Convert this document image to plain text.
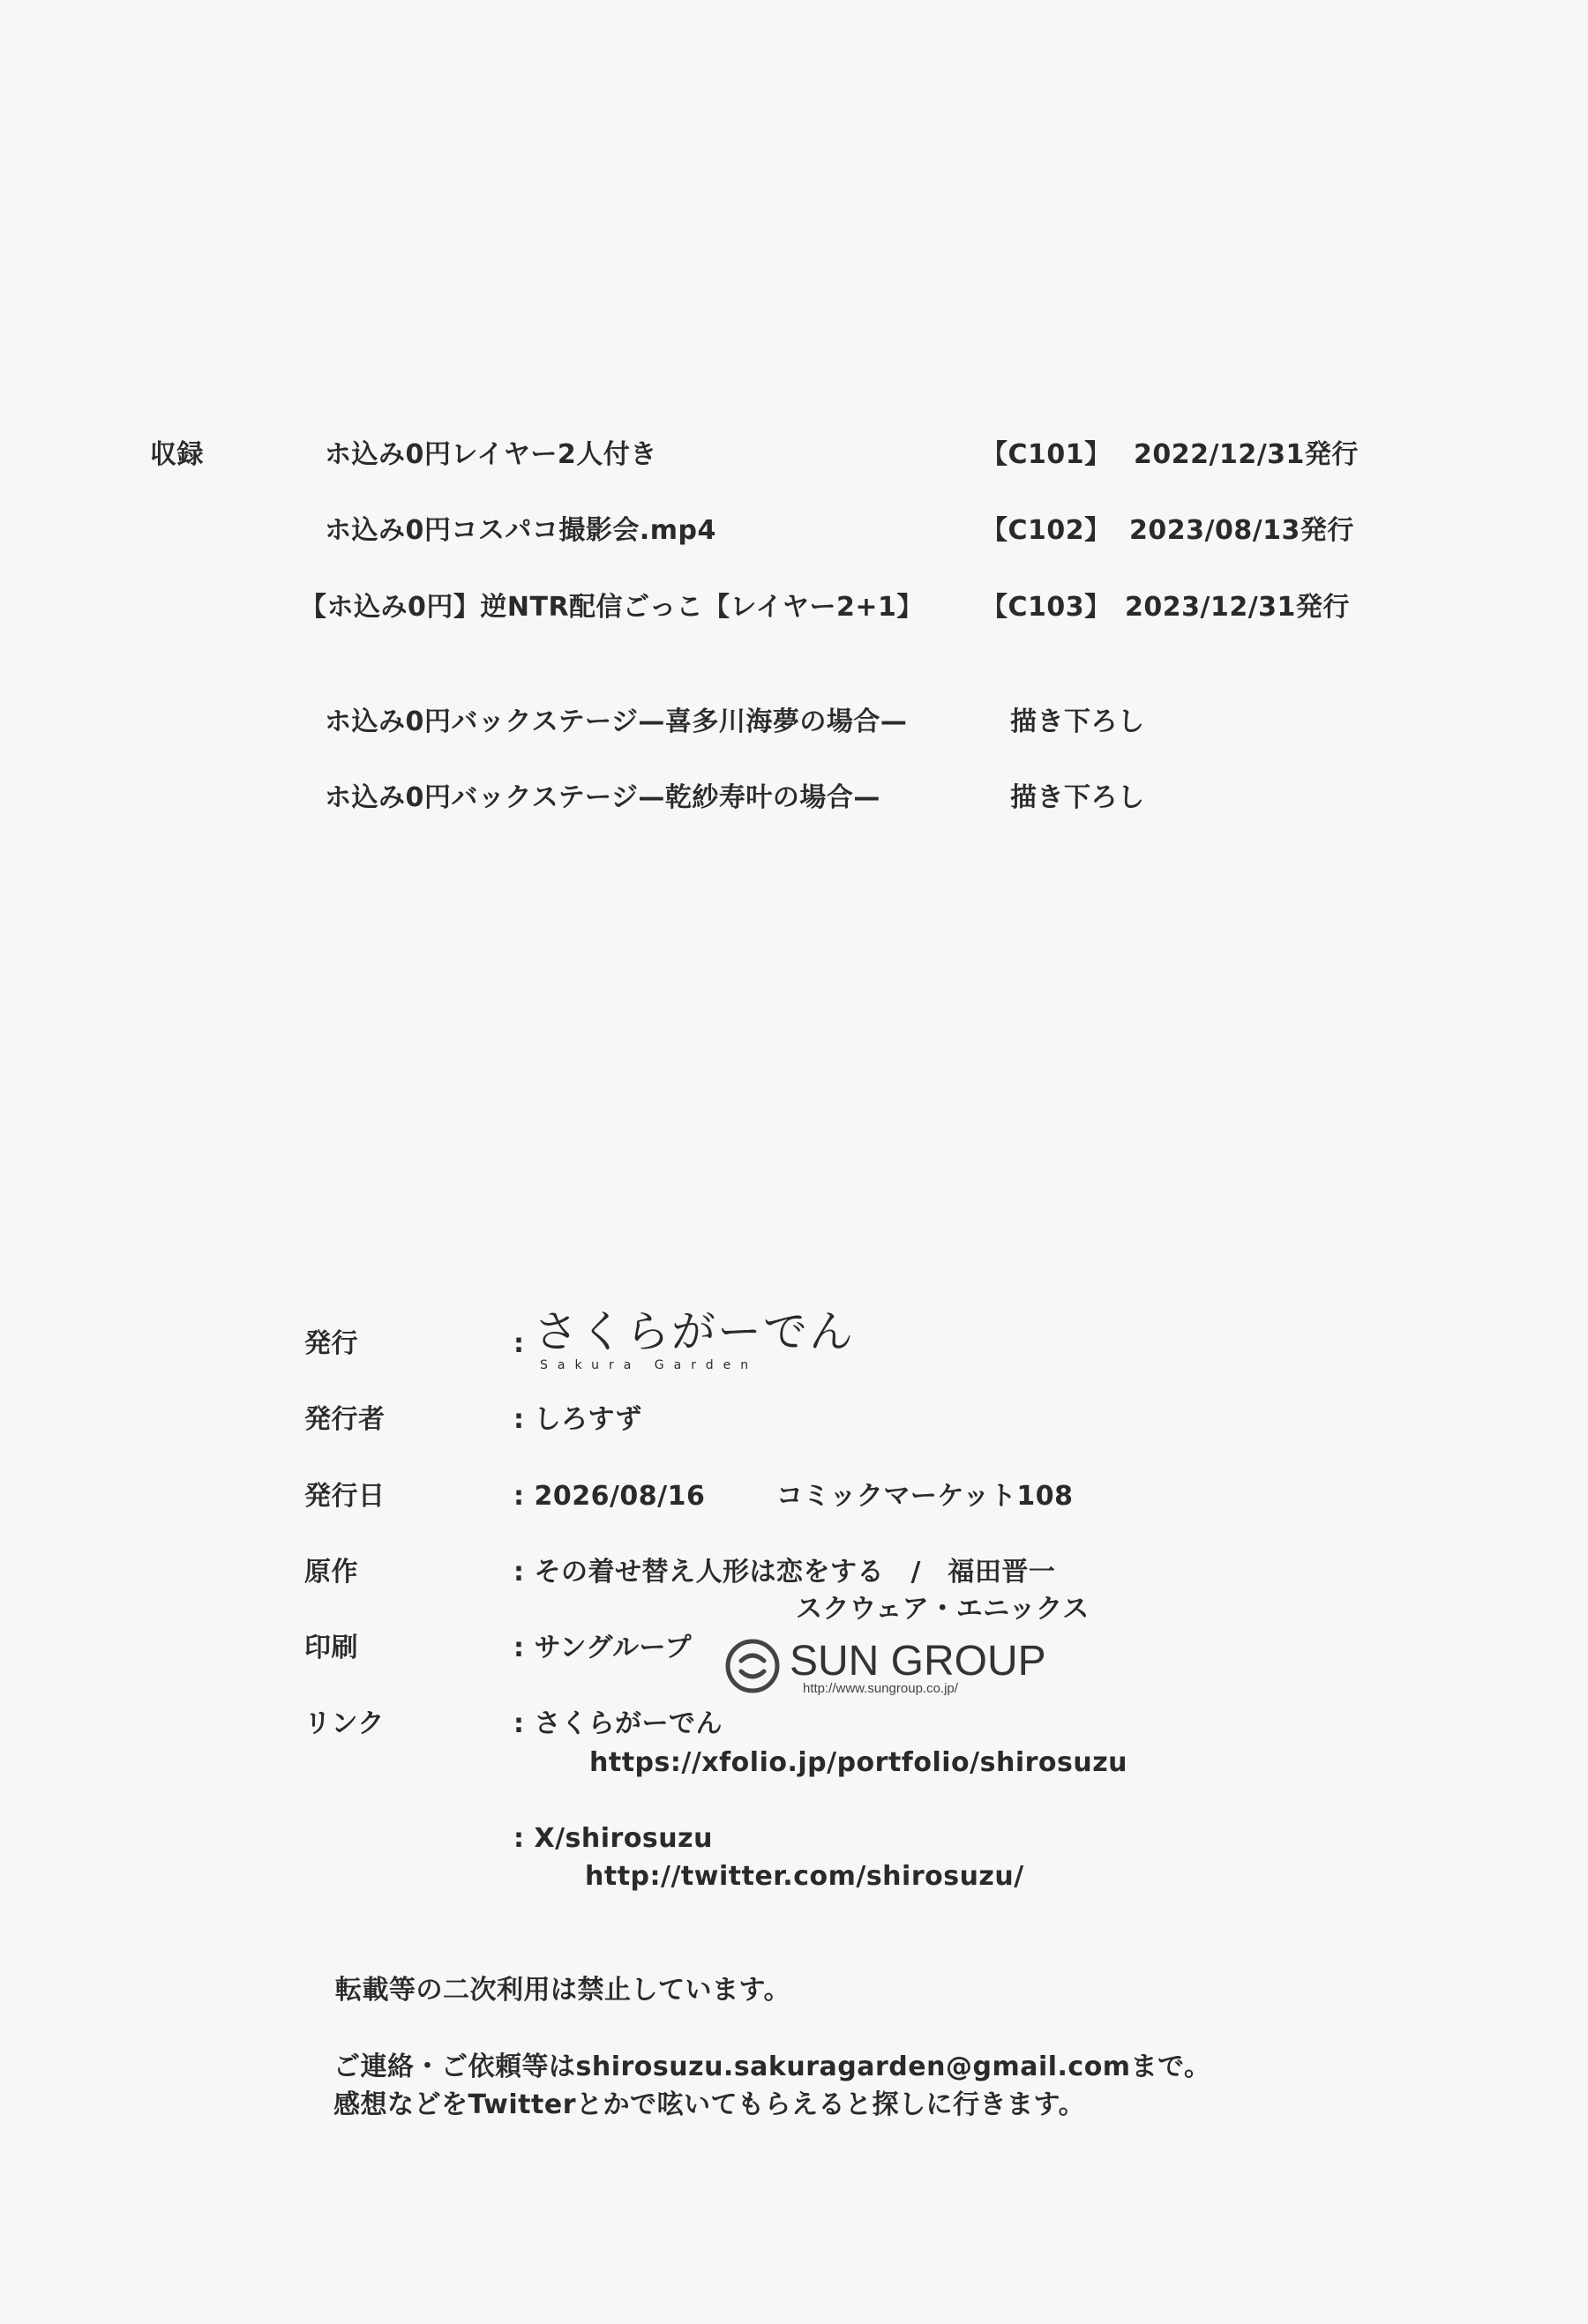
収録	ホ込み0円レイヤー2人付き	【C101】 2022/12/31発行
ホ込み0円コスパコ撮影会.mp4	【C102】 2023/08/13発行
【ホ込み0円】逆NTR配信ごっこ【レイヤー2+1】 【C103】 2023/12/31発行
ホ込み0円バックステージ—喜多川海夢の場合—	描き下ろし
ホ込み0円バックステージ—乾紗寿叶の場合—	描き下ろし
発行	: さくらがーでん
Sakura Garden
発行者	: しろすず
発行日	: 2026/08/16	コミックマーケット108
原作	: その着せ替え人形は恋をする　/　福田晋一
スクウェア・エニックス
印刷	: サングループ SUN GROUP
http://www.sungroup.co.jp/
リンク	: さくらがーでん
https://xfolio.jp/portfolio/shirosuzu
: X/shirosuzu
http://twitter.com/shirosuzu/
転載等の二次利用は禁止しています。
ご連絡・ご依頼等はshirosuzu.sakuragarden@gmail.comまで。
感想などをTwitterとかで呟いてもらえると探しに行きます。
